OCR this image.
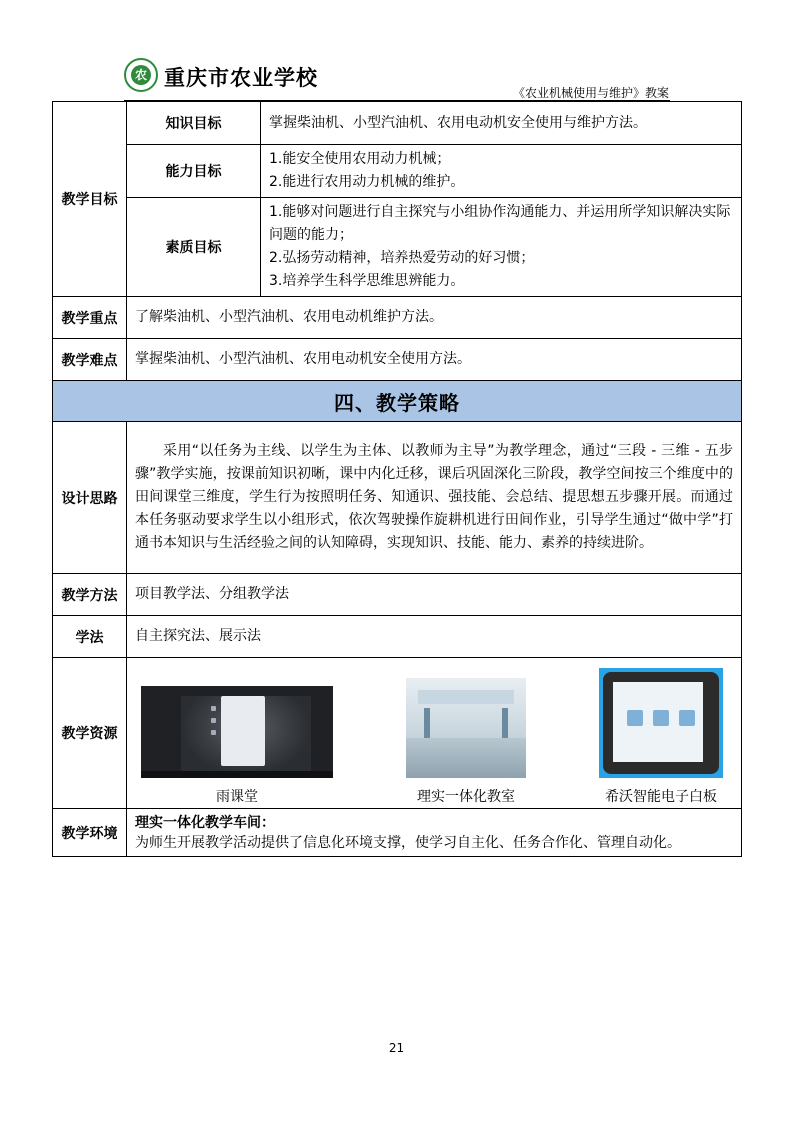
农 重庆市农业学校
《农业机械使用与维护》教案
教学目标	知识目标	掌握柴油机、小型汽油机、农用电动机安全使用与维护方法。
	能力目标	1.能安全使用农用动力机械；
2.能进行农用动力机械的维护。

	素质目标	1.能够对问题进行自主探究与小组协作沟通能力、并运用所学知识解决实际问题的能力；
2.弘扬劳动精神，培养热爱劳动的好习惯；
3.培养学生科学思维思辨能力。

教学重点	了解柴油机、小型汽油机、农用电动机维护方法。	
教学难点	掌握柴油机、小型汽油机、农用电动机安全使用方法。	
四、教学策略		
设计思路	采用“以任务为主线、以学生为主体、以教师为主导”为教学理念，通过“三段 - 三维 - 五步骤”教学实施，按课前知识初晰，课中内化迁移，课后巩固深化三阶段，教学空间按三个维度中的田间课堂三维度，学生行为按照明任务、知通识、强技能、会总结、提思想五步骤开展。而通过本任务驱动要求学生以小组形式，依次驾驶操作旋耕机进行田间作业，引导学生通过“做中学”打通书本知识与生活经验之间的认知障碍，实现知识、技能、能力、素养的持续进阶。	
教学方法	项目教学法、分组教学法	
学法	自主探究法、展示法	
教学资源	雨课堂 理实一体化教室 希沃智能电子白板	

教学环境	理实一体化教学车间：
为师生开展教学活动提供了信息化环境支撑，使学习自主化、任务合作化、管理自动化。	
21
